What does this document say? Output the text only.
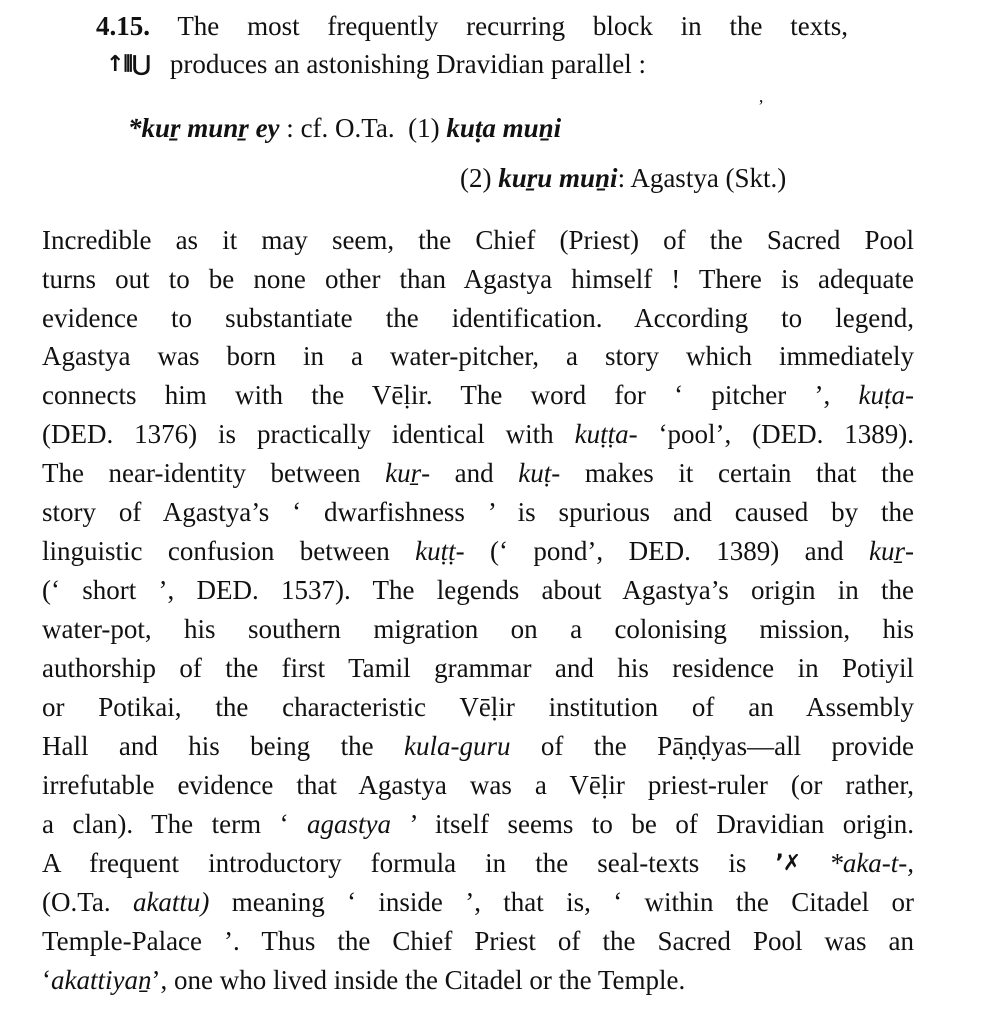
4.15. The most frequently recurring block in the texts,
↑⦀⋃ produces an astonishing Dravidian parallel :
ʼ
*kuṟ munṟ ey : cf. O.Ta. (1) kuṭa muṉi
(2) kuṟu muṉi: Agastya (Skt.)
Incredible as it may seem, the Chief (Priest) of the Sacred Pool
turns out to be none other than Agastya himself ! There is adequate
evidence to substantiate the identification. According to legend,
Agastya was born in a water-pitcher, a story which immediately
connects him with the Vēḷir. The word for ‘ pitcher ’, kuṭa-
(DED. 1376) is practically identical with kuṭṭa- ‘pool’, (DED. 1389).
The near-identity between kuṟ- and kuṭ- makes it certain that the
story of Agastya’s ‘ dwarfishness ’ is spurious and caused by the
linguistic confusion between kuṭṭ- (‘ pond’, DED. 1389) and kuṟ-
(‘ short ’, DED. 1537). The legends about Agastya’s origin in the
water-pot, his southern migration on a colonising mission, his
authorship of the first Tamil grammar and his residence in Potiyil
or Potikai, the characteristic Vēḷir institution of an Assembly
Hall and his being the kula-guru of the Pāṇḍyas—all provide
irrefutable evidence that Agastya was a Vēḷir priest-ruler (or rather,
a clan). The term ‘ agastya ’ itself seems to be of Dravidian origin.
A frequent introductory formula in the seal-texts is ʼ✗ *aka-t-,
(O.Ta. akattu) meaning ‘ inside ’, that is, ‘ within the Citadel or
Temple-Palace ’. Thus the Chief Priest of the Sacred Pool was an
‘akattiyaṉ’, one who lived inside the Citadel or the Temple.
